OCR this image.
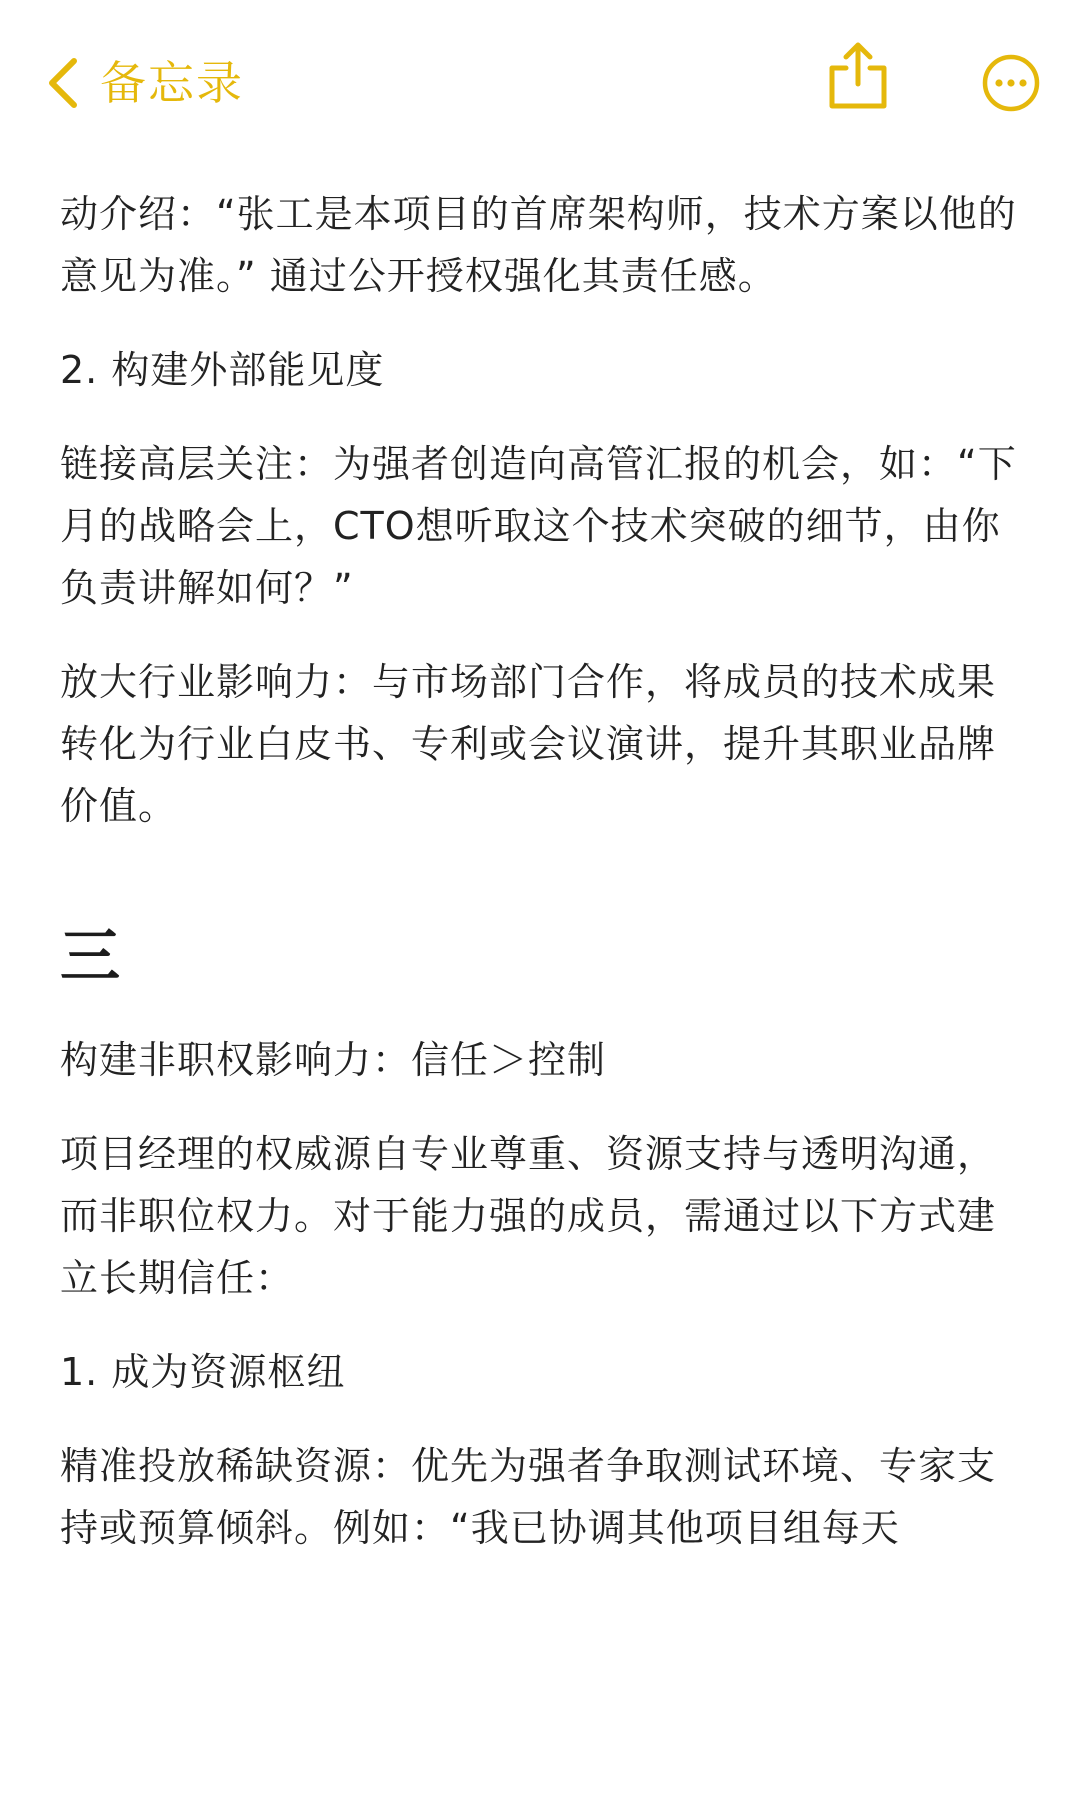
备忘录

动介绍：“张工是本项目的首席架构师，技术方案以他的意见为准。” 通过公开授权强化其责任感。

2. 构建外部能见度

链接高层关注：为强者创造向高管汇报的机会，如：“下月的战略会上，CTO想听取这个技术突破的细节，由你负责讲解如何？”

放大行业影响力：与市场部门合作，将成员的技术成果转化为行业白皮书、专利或会议演讲，提升其职业品牌价值。

三

构建非职权影响力：信任＞控制

项目经理的权威源自专业尊重、资源支持与透明沟通，而非职位权力。对于能力强的成员，需通过以下方式建立长期信任：

1. 成为资源枢纽

精准投放稀缺资源：优先为强者争取测试环境、专家支持或预算倾斜。例如：“我已协调其他项目组每天
